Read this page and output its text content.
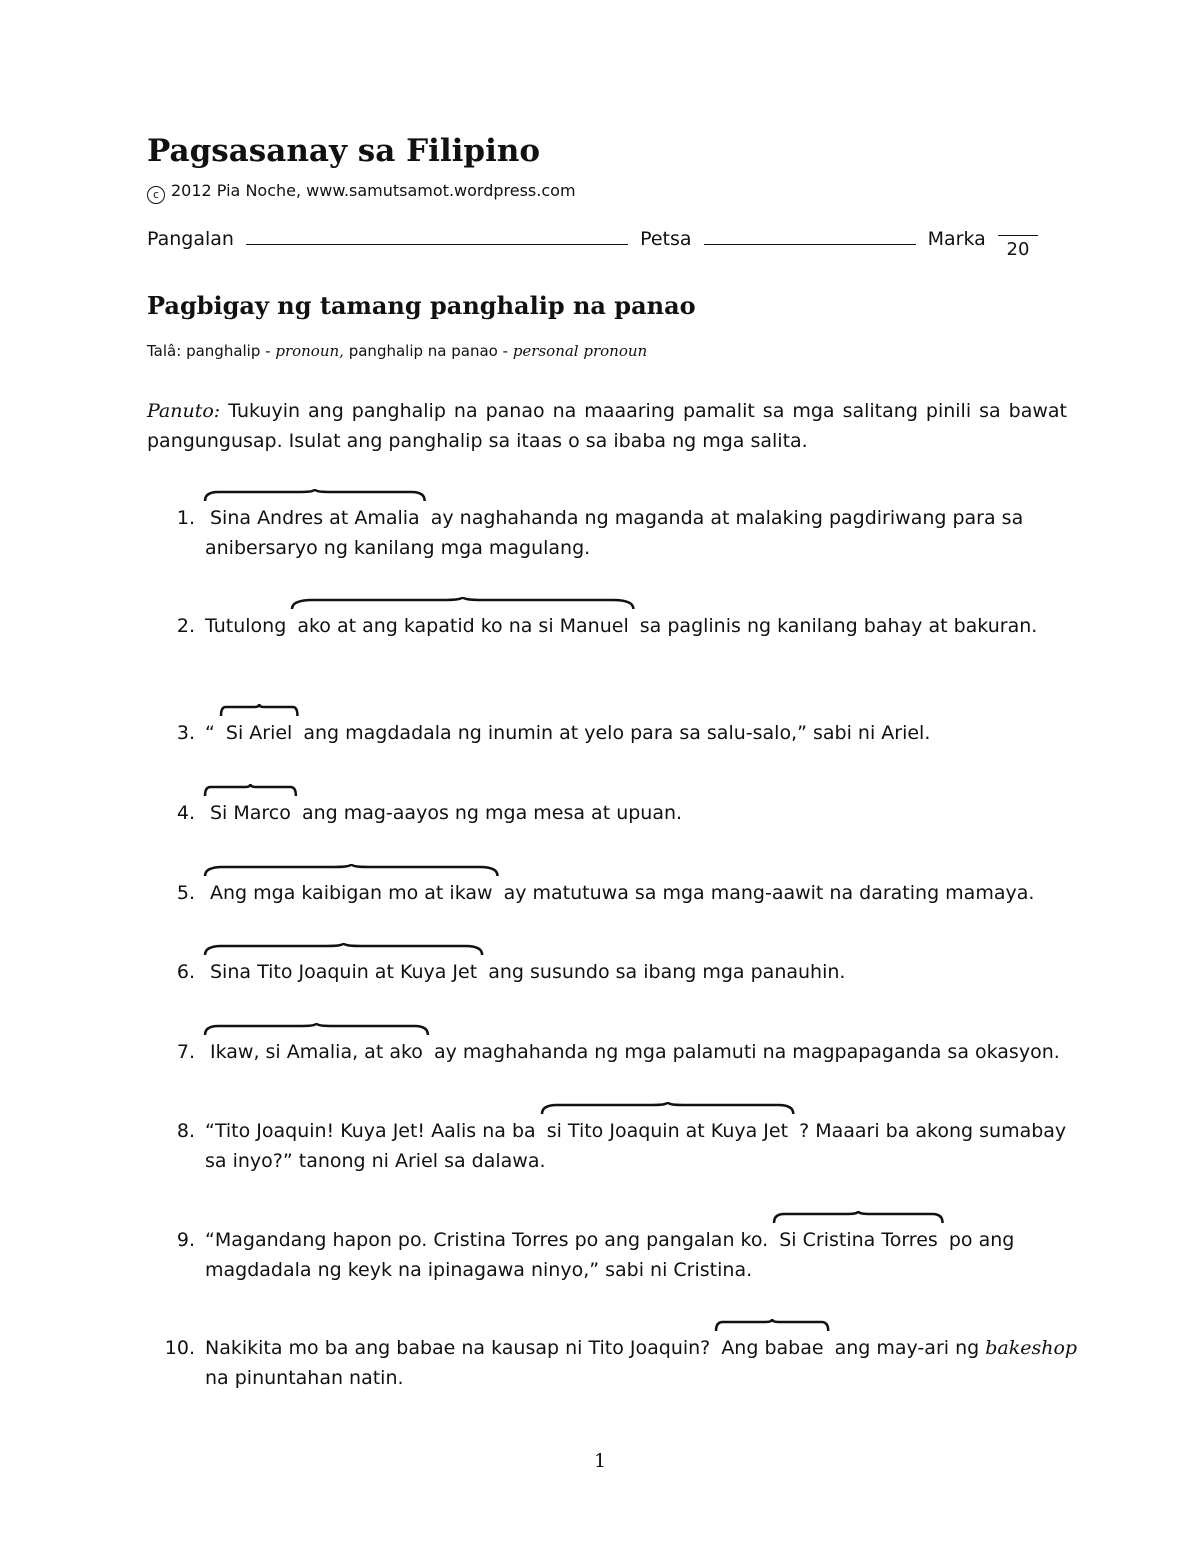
Pagsasanay sa Filipino
c 2012 Pia Noche, www.samutsamot.wordpress.com
Pangalan	Petsa	Marka	20
Pagbigay ng tamang panghalip na panao
Talâ: panghalip - pronoun, panghalip na panao - personal pronoun
Panuto: Tukuyin ang panghalip na panao na maaaring pamalit sa mga salitang pinili sa bawat pangungusap. Isulat ang panghalip sa itaas o sa ibaba ng mga salita.
1. Sina Andres at Amalia ay naghahanda ng maganda at malaking pagdiriwang para sa anibersaryo ng kanilang mga magulang.
2. Tutulong ako at ang kapatid ko na si Manuel sa paglinis ng kanilang bahay at bakuran.
3. “ Si Ariel ang magdadala ng inumin at yelo para sa salu-salo,” sabi ni Ariel.
4. Si Marco ang mag-aayos ng mga mesa at upuan.
5. Ang mga kaibigan mo at ikaw ay matutuwa sa mga mang-aawit na darating mamaya.
6. Sina Tito Joaquin at Kuya Jet ang susundo sa ibang mga panauhin.
7. Ikaw, si Amalia, at ako ay maghahanda ng mga palamuti na magpapaganda sa okasyon.
8. “Tito Joaquin! Kuya Jet! Aalis na ba si Tito Joaquin at Kuya Jet ? Maaari ba akong sumabay sa inyo?” tanong ni Ariel sa dalawa.
9. “Magandang hapon po. Cristina Torres po ang pangalan ko. Si Cristina Torres po ang magdadala ng keyk na ipinagawa ninyo,” sabi ni Cristina.
10. Nakikita mo ba ang babae na kausap ni Tito Joaquin? Ang babae ang may-ari ng bakeshop na pinuntahan natin.
1
